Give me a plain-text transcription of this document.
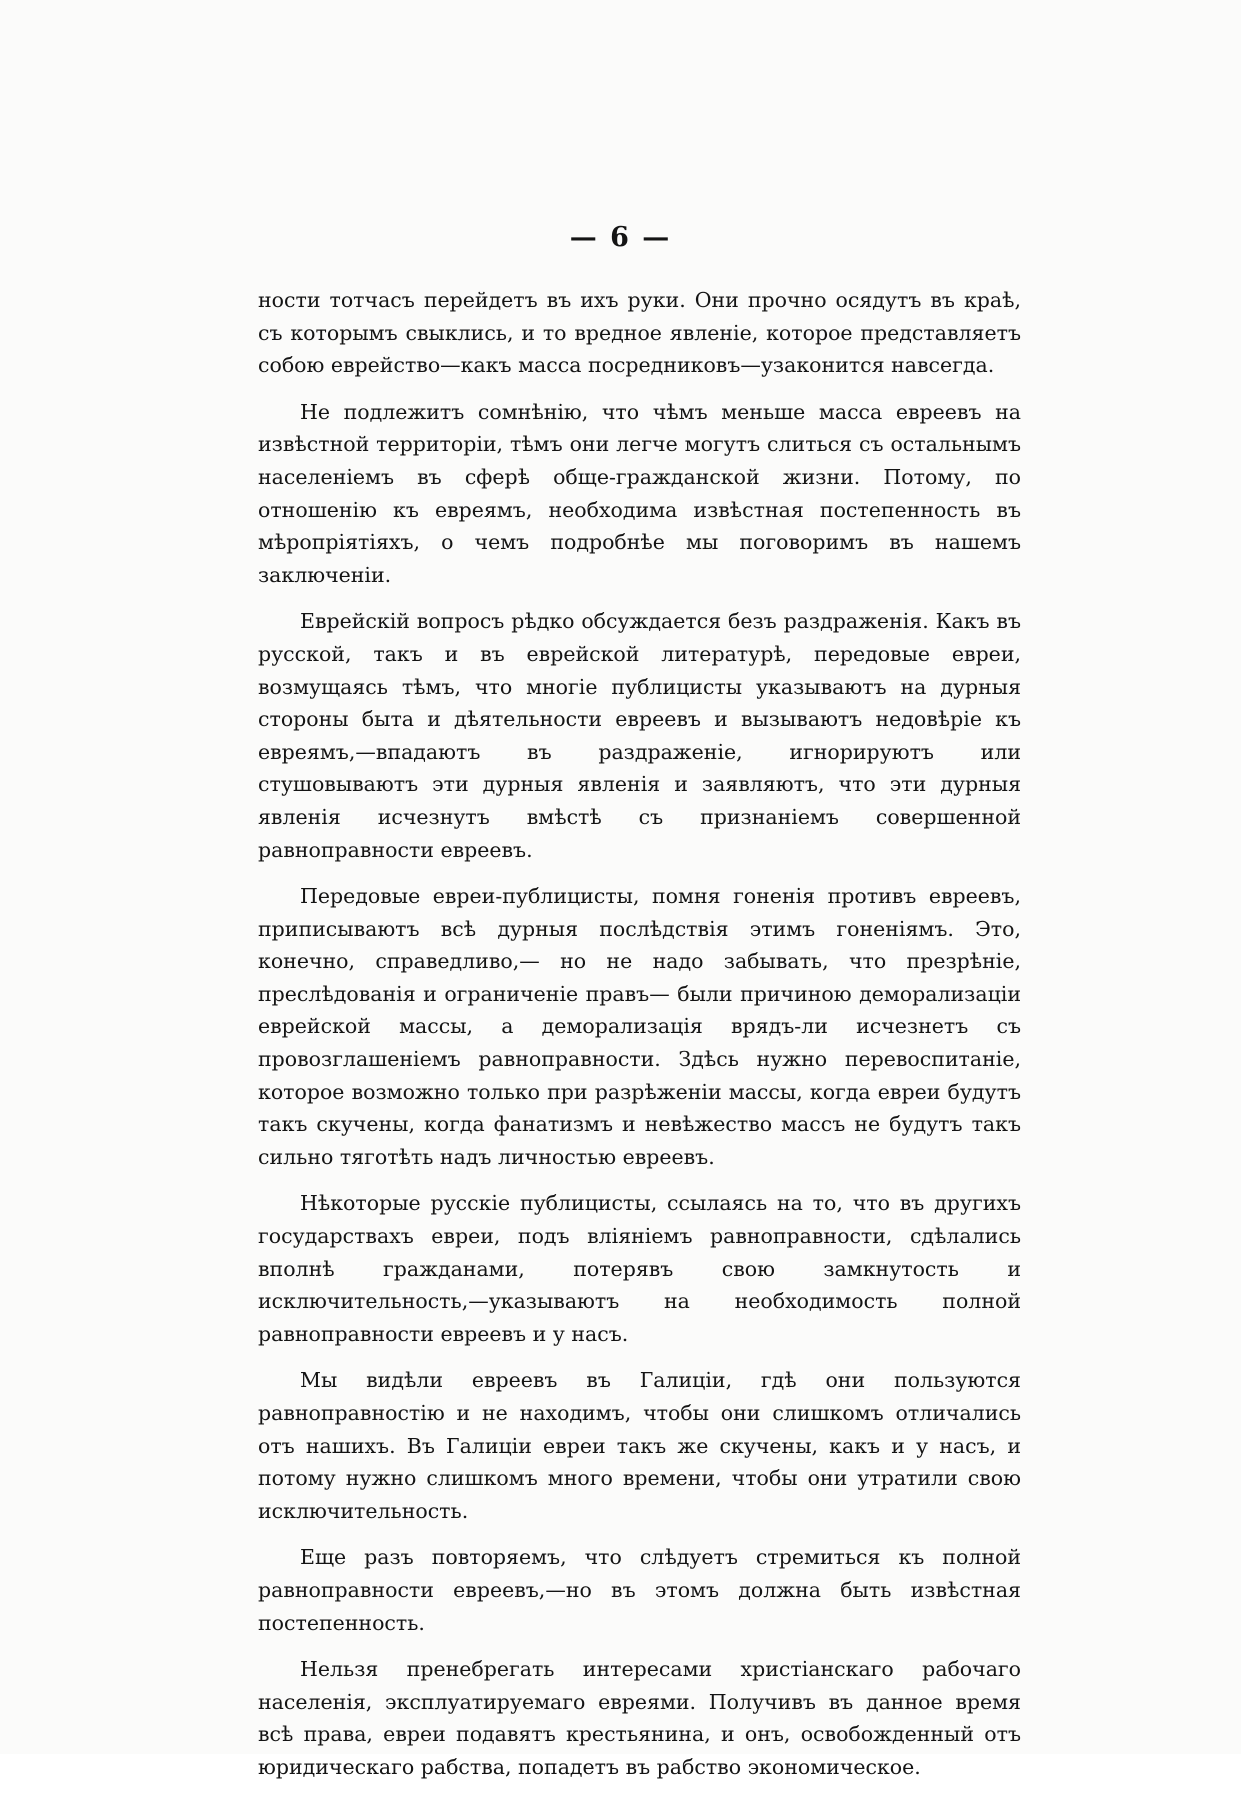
— 6 —

ности тотчасъ перейдетъ въ ихъ руки. Они прочно осядутъ въ краѣ, съ которымъ свыклись, и то вредное явленіе, которое представляетъ собою еврейство—какъ масса посредниковъ—узаконится навсегда.

Не подлежитъ сомнѣнію, что чѣмъ меньше масса евреевъ на извѣстной территоріи, тѣмъ они легче могутъ слиться съ остальнымъ населеніемъ въ сферѣ обще-гражданской жизни. Потому, по отношенію къ евреямъ, необходима извѣстная постепенность въ мѣропріятіяхъ, о чемъ подробнѣе мы поговоримъ въ нашемъ заключеніи.

Еврейскій вопросъ рѣдко обсуждается безъ раздраженія. Какъ въ русской, такъ и въ еврейской литературѣ, передовые евреи, возмущаясь тѣмъ, что многіе публицисты указываютъ на дурныя стороны быта и дѣятельности евреевъ и вызываютъ недовѣріе къ евреямъ,—впадаютъ въ раздраженіе, игнорируютъ или стушовываютъ эти дурныя явленія и заявляютъ, что эти дурныя явленія исчезнутъ вмѣстѣ съ признаніемъ совершенной равноправности евреевъ.

Передовые евреи-публицисты, помня гоненія противъ евреевъ, приписываютъ всѣ дурныя послѣдствія этимъ гоненіямъ. Это, конечно, справедливо,— но не надо забывать, что презрѣніе, преслѣдованія и ограниченіе правъ— были причиною деморализаціи еврейской массы, а деморализація врядъ-ли исчезнетъ съ провозглашеніемъ равноправности. Здѣсь нужно перевоспитаніе, которое возможно только при разрѣженіи массы, когда евреи будутъ такъ скучены, когда фанатизмъ и невѣжество массъ не будутъ такъ сильно тяготѣть надъ личностью евреевъ.

Нѣкоторые русскіе публицисты, ссылаясь на то, что въ другихъ государствахъ евреи, подъ вліяніемъ равноправности, сдѣлались вполнѣ гражданами, потерявъ свою замкнутость и исключительность,—указываютъ на необходимость полной равноправности евреевъ и у насъ.

Мы видѣли евреевъ въ Галиціи, гдѣ они пользуются равноправностію и не находимъ, чтобы они слишкомъ отличались отъ нашихъ. Въ Галиціи евреи такъ же скучены, какъ и у насъ, и потому нужно слишкомъ много времени, чтобы они утратили свою исключительность.

Еще разъ повторяемъ, что слѣдуетъ стремиться къ полной равноправности евреевъ,—но въ этомъ должна быть извѣстная постепенность.

Нельзя пренебрегать интересами христіанскаго рабочаго населенія, эксплуатируемаго евреями. Получивъ въ данное время всѣ права, евреи подавятъ крестьянина, и онъ, освобожденный отъ юридическаго рабства, попадетъ въ рабство экономическое.
